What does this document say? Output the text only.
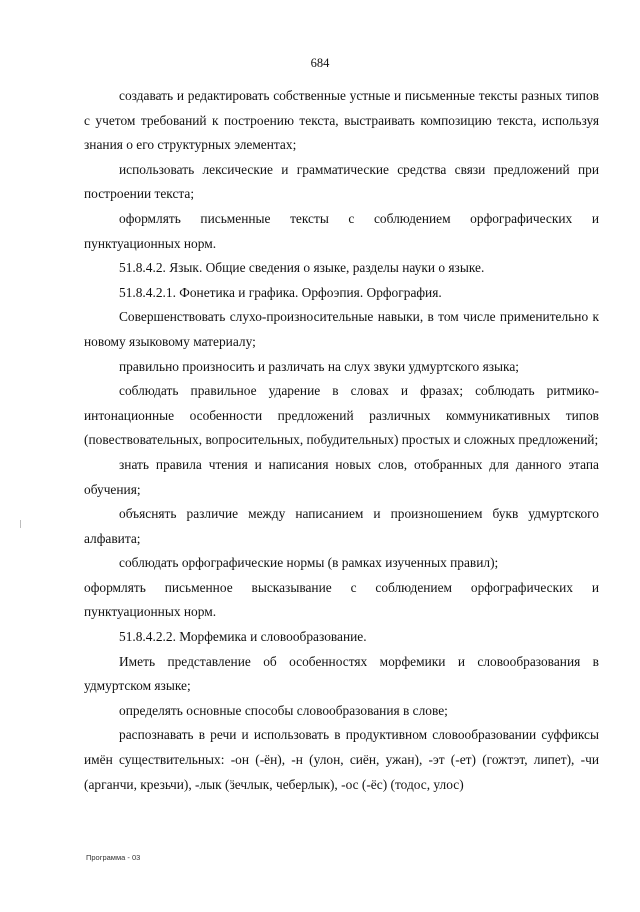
684

создавать и редактировать собственные устные и письменные тексты разных типов с учетом требований к построению текста, выстраивать композицию текста, используя знания о его структурных элементах;

использовать лексические и грамматические средства связи предложений при построении текста;

оформлять письменные тексты с соблюдением орфографических и пунктуационных норм.

51.8.4.2. Язык. Общие сведения о языке, разделы науки о языке.

51.8.4.2.1. Фонетика и графика. Орфоэпия. Орфография.

Совершенствовать слухо-произносительные навыки, в том числе применительно к новому языковому материалу;

правильно произносить и различать на слух звуки удмуртского языка;

соблюдать правильное ударение в словах и фразах; соблюдать ритмико-интонационные особенности предложений различных коммуникативных типов (повествовательных, вопросительных, побудительных) простых и сложных предложений;

знать правила чтения и написания новых слов, отобранных для данного этапа обучения;

объяснять различие между написанием и произношением букв удмуртского алфавита;

соблюдать орфографические нормы (в рамках изученных правил);

оформлять письменное высказывание с соблюдением орфографических и пунктуационных норм.

51.8.4.2.2. Морфемика и словообразование.

Иметь представление об особенностях морфемики и словообразования в удмуртском языке;

определять основные способы словообразования в слове;

распознавать в речи и использовать в продуктивном словообразовании суффиксы имён существительных: -он (-ён), -н (улон, сиён, ужан), -эт (-ет) (гожтэт, липет), -чи (арганчи, крезьчи), -лык (ӟечлык, чеберлык), -ос (-ёс) (тодос, улос)

Программа - 03
